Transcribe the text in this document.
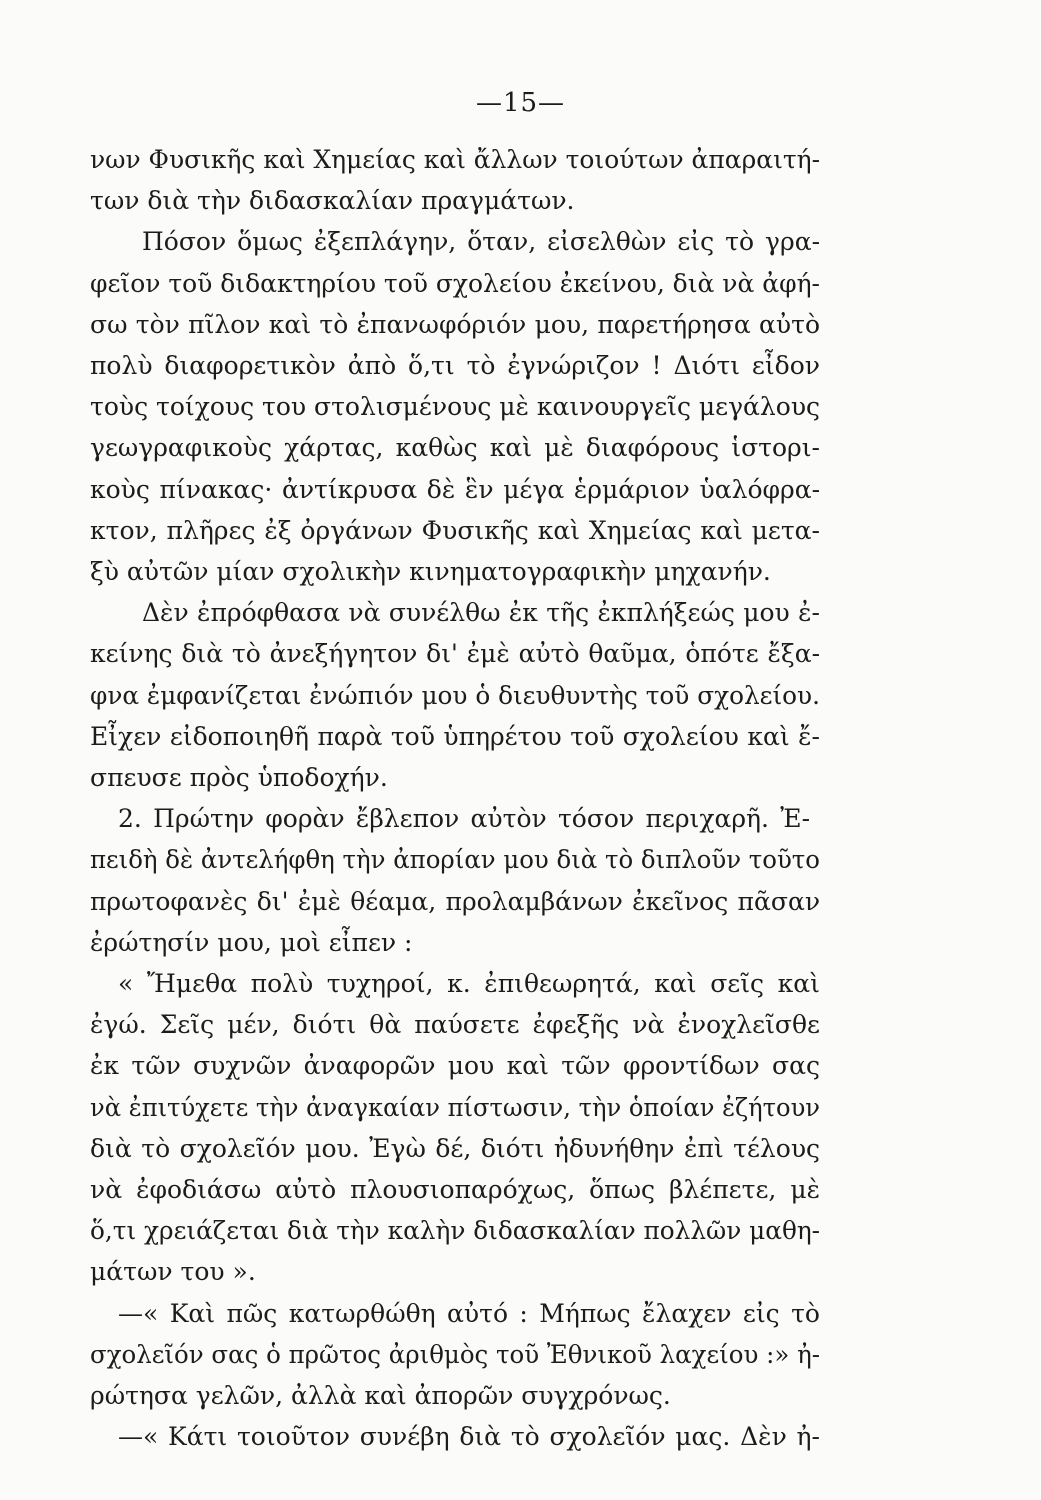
—15—
νων Φυσικῆς καὶ Χημείας καὶ ἄλλων τοιούτων ἀπαραιτή-
των διὰ τὴν διδασκαλίαν πραγμάτων.
Πόσον ὅμως ἐξεπλάγην, ὅταν, εἰσελθὼν εἰς τὸ γρα-
φεῖον τοῦ διδακτηρίου τοῦ σχολείου ἐκείνου, διὰ νὰ ἀφή-
σω τὸν πῖλον καὶ τὸ ἐπανωφόριόν μου, παρετήρησα αὐτὸ
πολὺ διαφορετικὸν ἀπὸ ὅ,τι τὸ ἐγνώριζον ! Διότι εἶδον
τοὺς τοίχους του στολισμένους μὲ καινουργεῖς μεγάλους
γεωγραφικοὺς χάρτας, καθὼς καὶ μὲ διαφόρους ἱστορι-
κοὺς πίνακας· ἀντίκρυσα δὲ ἓν μέγα ἑρμάριον ὑαλόφρα-
κτον, πλῆρες ἐξ ὀργάνων Φυσικῆς καὶ Χημείας καὶ μετα-
ξὺ αὐτῶν μίαν σχολικὴν κινηματογραφικὴν μηχανήν.
Δὲν ἐπρόφθασα νὰ συνέλθω ἐκ τῆς ἐκπλήξεώς μου ἐ-
κείνης διὰ τὸ ἀνεξήγητον δι' ἐμὲ αὐτὸ θαῦμα, ὁπότε ἔξα-
φνα ἐμφανίζεται ἐνώπιόν μου ὁ διευθυντὴς τοῦ σχολείου.
Εἶχεν εἰδοποιηθῆ παρὰ τοῦ ὑπηρέτου τοῦ σχολείου καὶ ἔ-
σπευσε πρὸς ὑποδοχήν.
2. Πρώτην φορὰν ἔβλεπον αὐτὸν τόσον περιχαρῆ. Ἐ-
πειδὴ δὲ ἀντελήφθη τὴν ἀπορίαν μου διὰ τὸ διπλοῦν τοῦτο
πρωτοφανὲς δι' ἐμὲ θέαμα, προλαμβάνων ἐκεῖνος πᾶσαν
ἐρώτησίν μου, μοὶ εἶπεν :
« Ἤμεθα πολὺ τυχηροί, κ. ἐπιθεωρητά, καὶ σεῖς καὶ
ἐγώ. Σεῖς μέν, διότι θὰ παύσετε ἐφεξῆς νὰ ἐνοχλεῖσθε
ἐκ τῶν συχνῶν ἀναφορῶν μου καὶ τῶν φροντίδων σας
νὰ ἐπιτύχετε τὴν ἀναγκαίαν πίστωσιν, τὴν ὁποίαν ἐζήτουν
διὰ τὸ σχολεῖόν μου. Ἐγὼ δέ, διότι ἠδυνήθην ἐπὶ τέλους
νὰ ἐφοδιάσω αὐτὸ πλουσιοπαρόχως, ὅπως βλέπετε, μὲ
ὅ,τι χρειάζεται διὰ τὴν καλὴν διδασκαλίαν πολλῶν μαθη-
μάτων του ».
—« Καὶ πῶς κατωρθώθη αὐτό : Μήπως ἔλαχεν εἰς τὸ
σχολεῖόν σας ὁ πρῶτος ἀριθμὸς τοῦ Ἐθνικοῦ λαχείου :» ἠ-
ρώτησα γελῶν, ἀλλὰ καὶ ἀπορῶν συγχρόνως.
—« Κάτι τοιοῦτον συνέβη διὰ τὸ σχολεῖόν μας. Δὲν ἠ-
